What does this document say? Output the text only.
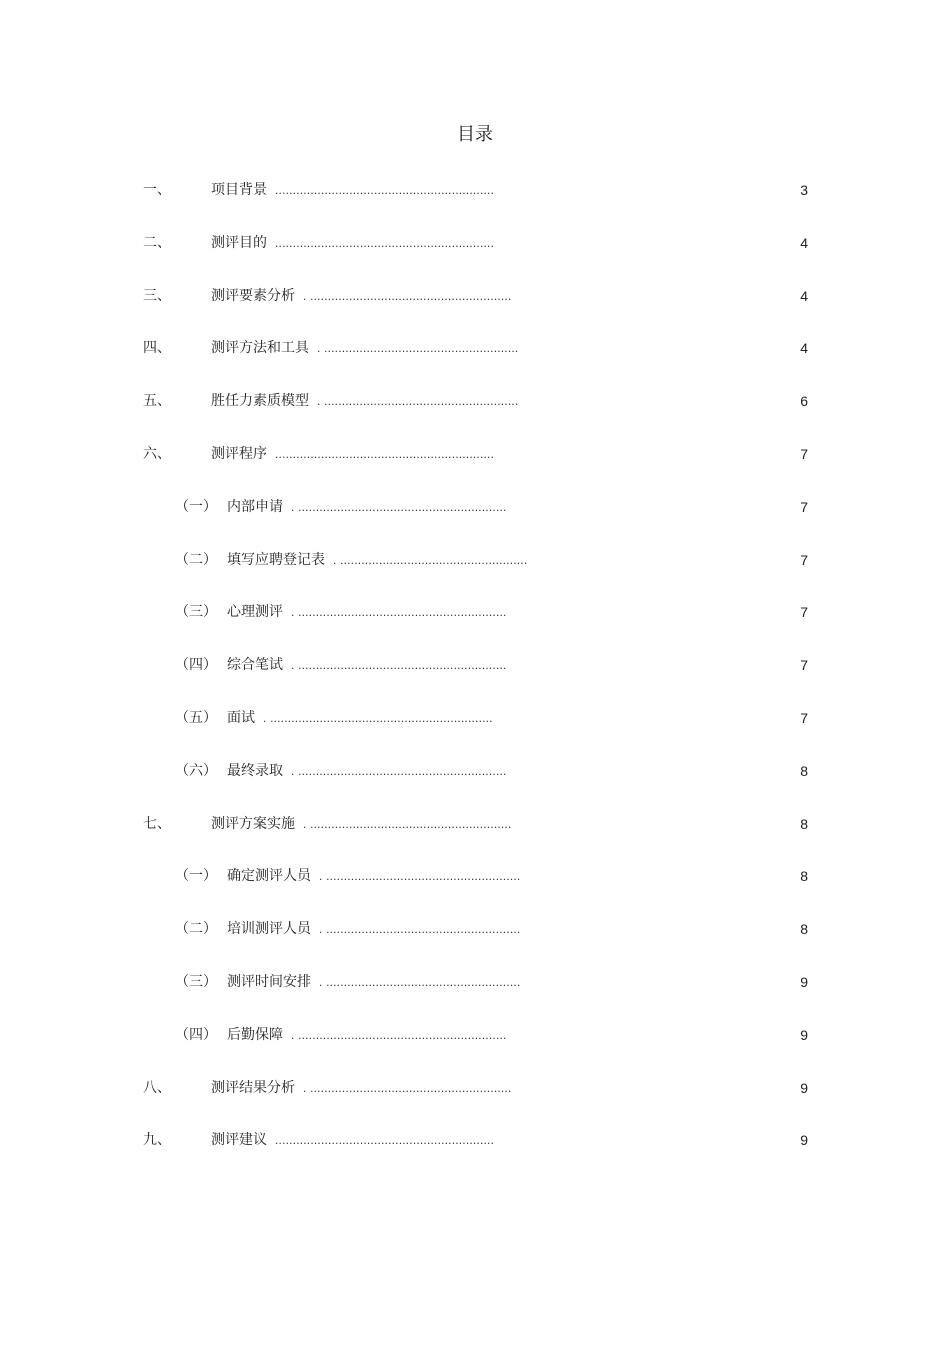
目录
一、	项目背景 ..............................................................	3
二、	测评目的 ..............................................................	4
三、	测评要素分析 . .........................................................	4
四、	测评方法和工具 . .......................................................	4
五、	胜任力素质模型 . .......................................................	6
六、	测评程序 ..............................................................	7
（一） 内部申请 . ...........................................................	7
（二） 填写应聘登记表 . .....................................................	7
（三） 心理测评 . ...........................................................	7
（四） 综合笔试 . ...........................................................	7
（五） 面试 . ...............................................................	7
（六） 最终录取 . ...........................................................	8
七、	测评方案实施 . .........................................................	8
（一） 确定测评人员 . .......................................................	8
（二） 培训测评人员 . .......................................................	8
（三） 测评时间安排 . .......................................................	9
（四） 后勤保障 . ...........................................................	9
八、	测评结果分析 . .........................................................	9
九、	测评建议 ..............................................................	9
